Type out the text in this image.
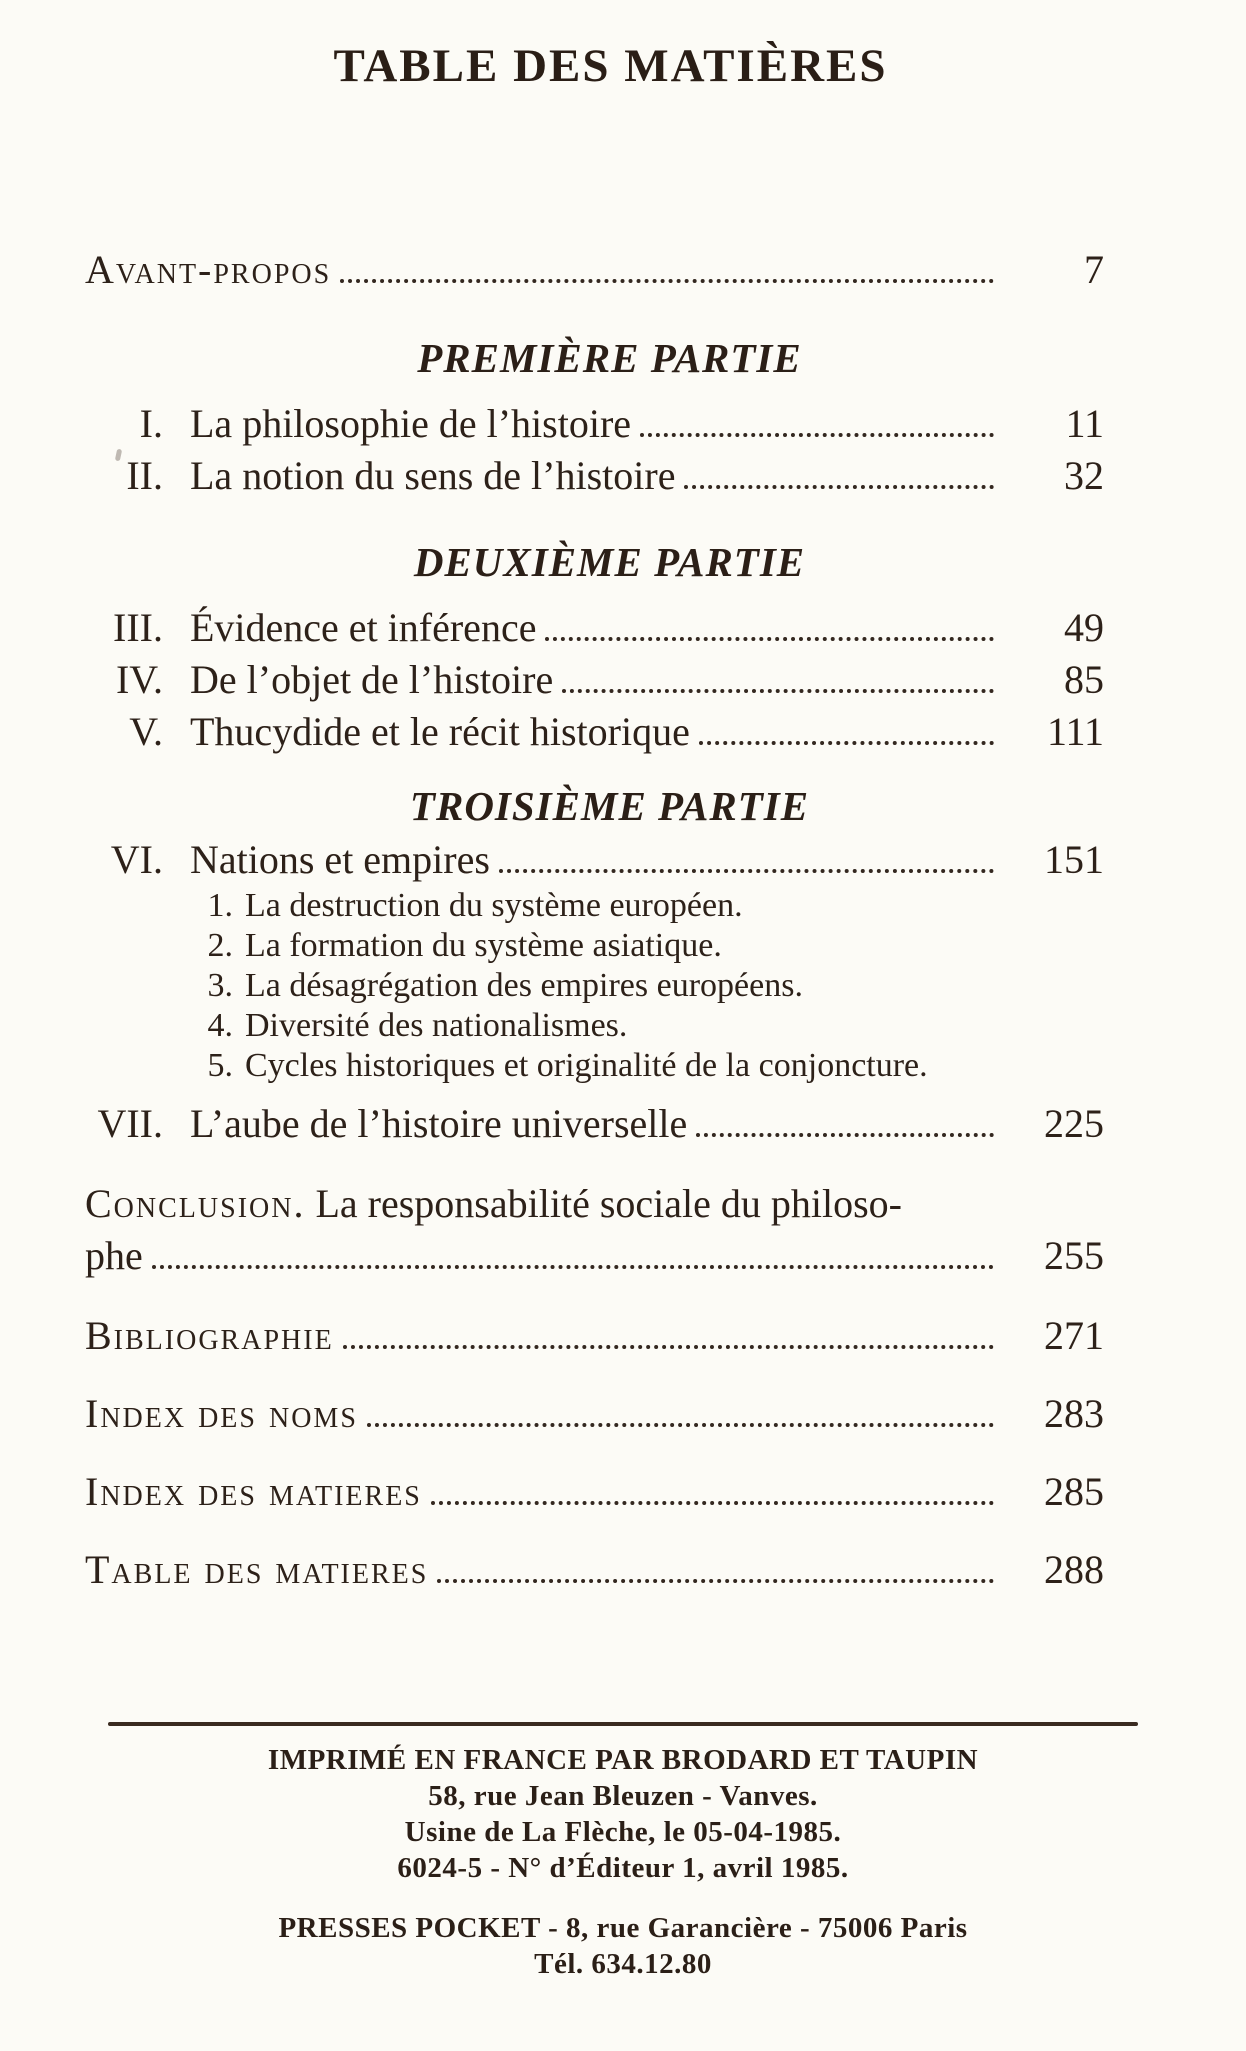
TABLE DES MATIÈRES
Avant-propos	7
PREMIÈRE PARTIE
I. La philosophie de l’histoire	11
II. La notion du sens de l’histoire	32
DEUXIÈME PARTIE
III. Évidence et inférence	49
IV. De l’objet de l’histoire	85
V. Thucydide et le récit historique	111
TROISIÈME PARTIE
VI. Nations et empires	151
1. La destruction du système européen.
2. La formation du système asiatique.
3. La désagrégation des empires européens.
4. Diversité des nationalismes.
5. Cycles historiques et originalité de la conjoncture.
VII. L’aube de l’histoire universelle	225
Conclusion. La responsabilité sociale du philoso-
phe	255
Bibliographie	271
Index des noms	283
Index des matieres	285
Table des matieres	288
IMPRIMÉ EN FRANCE PAR BRODARD ET TAUPIN
58, rue Jean Bleuzen - Vanves.
Usine de La Flèche, le 05-04-1985.
6024-5 - N° d’Éditeur 1, avril 1985.
PRESSES POCKET - 8, rue Garancière - 75006 Paris
Tél. 634.12.80
